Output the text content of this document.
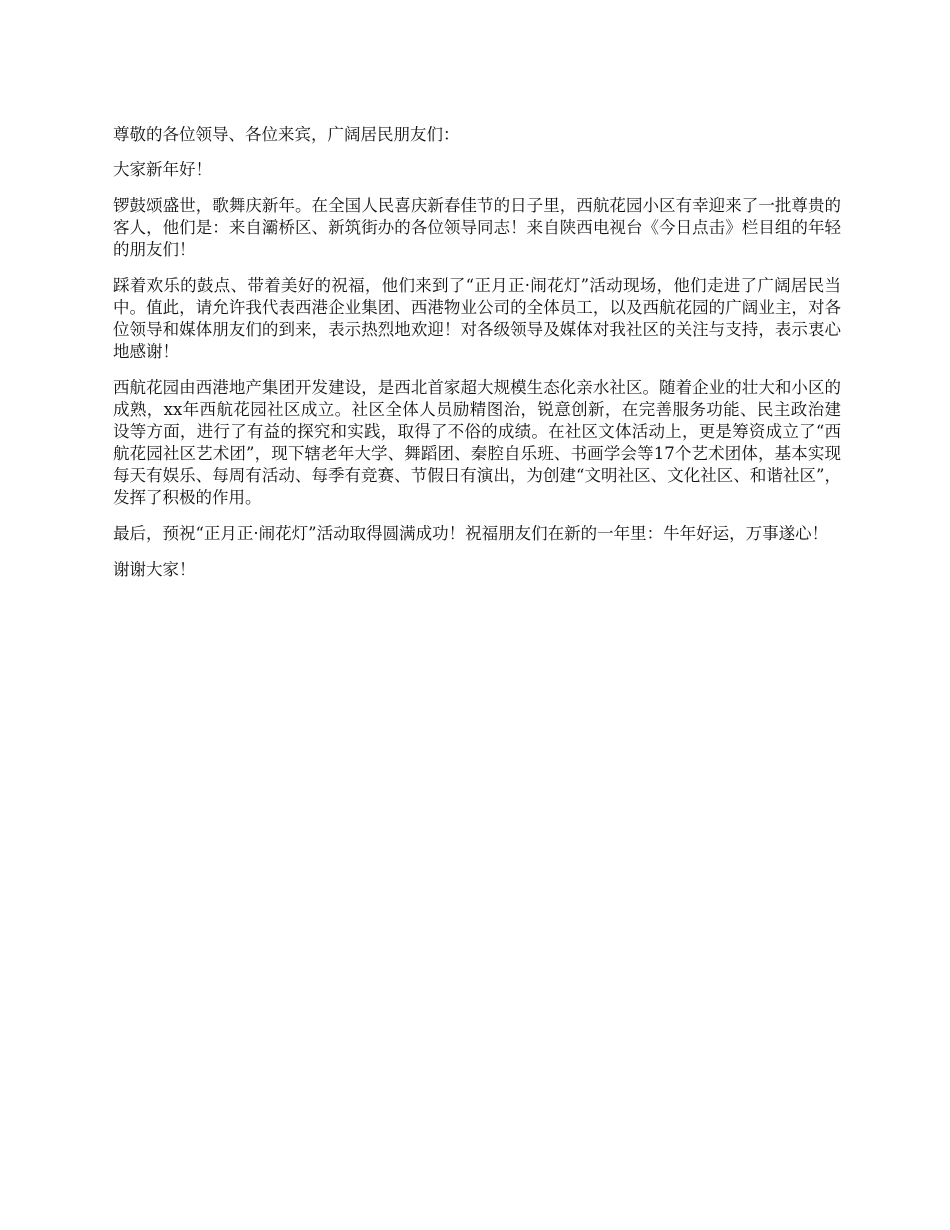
尊敬的各位领导、各位来宾，广阔居民朋友们：

大家新年好！

锣鼓颂盛世，歌舞庆新年。在全国人民喜庆新春佳节的日子里，西航花园小区有幸迎来了一批尊贵的客人，他们是：来自灞桥区、新筑街办的各位领导同志！来自陕西电视台《今日点击》栏目组的年轻的朋友们！

踩着欢乐的鼓点、带着美好的祝福，他们来到了“正月正·闹花灯”活动现场，他们走进了广阔居民当中。值此，请允许我代表西港企业集团、西港物业公司的全体员工，以及西航花园的广阔业主，对各位领导和媒体朋友们的到来，表示热烈地欢迎！对各级领导及媒体对我社区的关注与支持，表示衷心地感谢！

西航花园由西港地产集团开发建设，是西北首家超大规模生态化亲水社区。随着企业的壮大和小区的成熟，xx年西航花园社区成立。社区全体人员励精图治，锐意创新，在完善服务功能、民主政治建设等方面，进行了有益的探究和实践，取得了不俗的成绩。在社区文体活动上，更是筹资成立了“西航花园社区艺术团”，现下辖老年大学、舞蹈团、秦腔自乐班、书画学会等17个艺术团体，基本实现每天有娱乐、每周有活动、每季有竞赛、节假日有演出，为创建“文明社区、文化社区、和谐社区”，发挥了积极的作用。

最后，预祝“正月正·闹花灯”活动取得圆满成功！祝福朋友们在新的一年里：牛年好运，万事遂心！

谢谢大家！
